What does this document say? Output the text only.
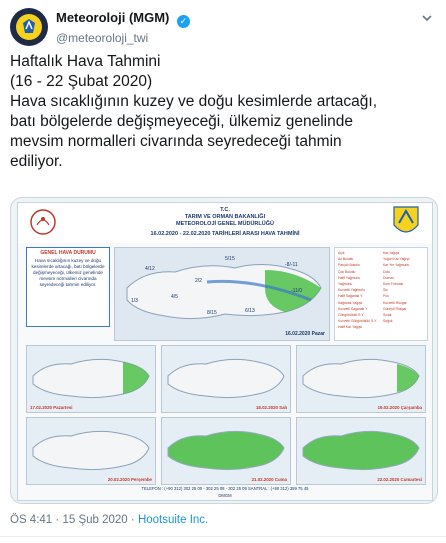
Meteoroloji (MGM) ✓
@meteoroloji_twi
Haftalık Hava Tahmini
(16 - 22 Şubat 2020)
Hava sıcaklığının kuzey ve doğu kesimlerde artacağı,
batı bölgelerde değişmeyeceği, ülkemiz genelinde
mevsim normalleri civarında seyredeceği tahmin
ediliyor.
T.C.
TARIM VE ORMAN BAKANLIĞI
METEOROLOJİ GENEL MÜDÜRLÜĞÜ
16.02.2020 - 22.02.2020 TARİHLERİ ARASI HAVA TAHMİNİ
GENEL HAVA DURUMU
Hava sıcaklığının kuzey ve doğu kesimlerde artacağı, batı bölgelerde değişmeyeceği, ülkemiz genelinde mevsim normalleri civarında seyredeceği tahmin ediliyor.
4/12
5/15
2/2
-8/-11
4/5
-11/0
1/3
6/13
8/15
16.02.2020 Pazar
Açık
Az Bulutlu
Parçalı Bulutlu
Çok Bulutlu
Hafif Yağmurlu
Yağmurlu
Kuvvetli Yağmurlu
Hafif Sağanak Y.
Sağanak Yağışlı
Kuvvetli Sağanak Y.
Gökgürültülü S.Y.
Kuvvetli Gökgürültülü S.Y.
Hafif Kar Yağışlı
Kar Yağışlı
Yoğun Kar Yağışlı
Kar Yer Yağmurlu
Dolu
Duman
Kum Fırtınası
Sis
Pus
Kuvvetli Rüzgar
Güneyli Rüzgar
Sıcak
Soğuk
17.02.2020 Pazartesi	18.02.2020 Salı	19.02.2020 Çarşamba
20.02.2020 Perşembe	21.02.2020 Cuma	22.02.2020 Cumartesi
TELEFON : (+90 312) 302 25 00 - 302 25 08 - 302 25 09 SANTRAL : (+90 312) 359 75 45
DMGM
ÖS 4:41 · 15 Şub 2020 · Hootsuite Inc.
